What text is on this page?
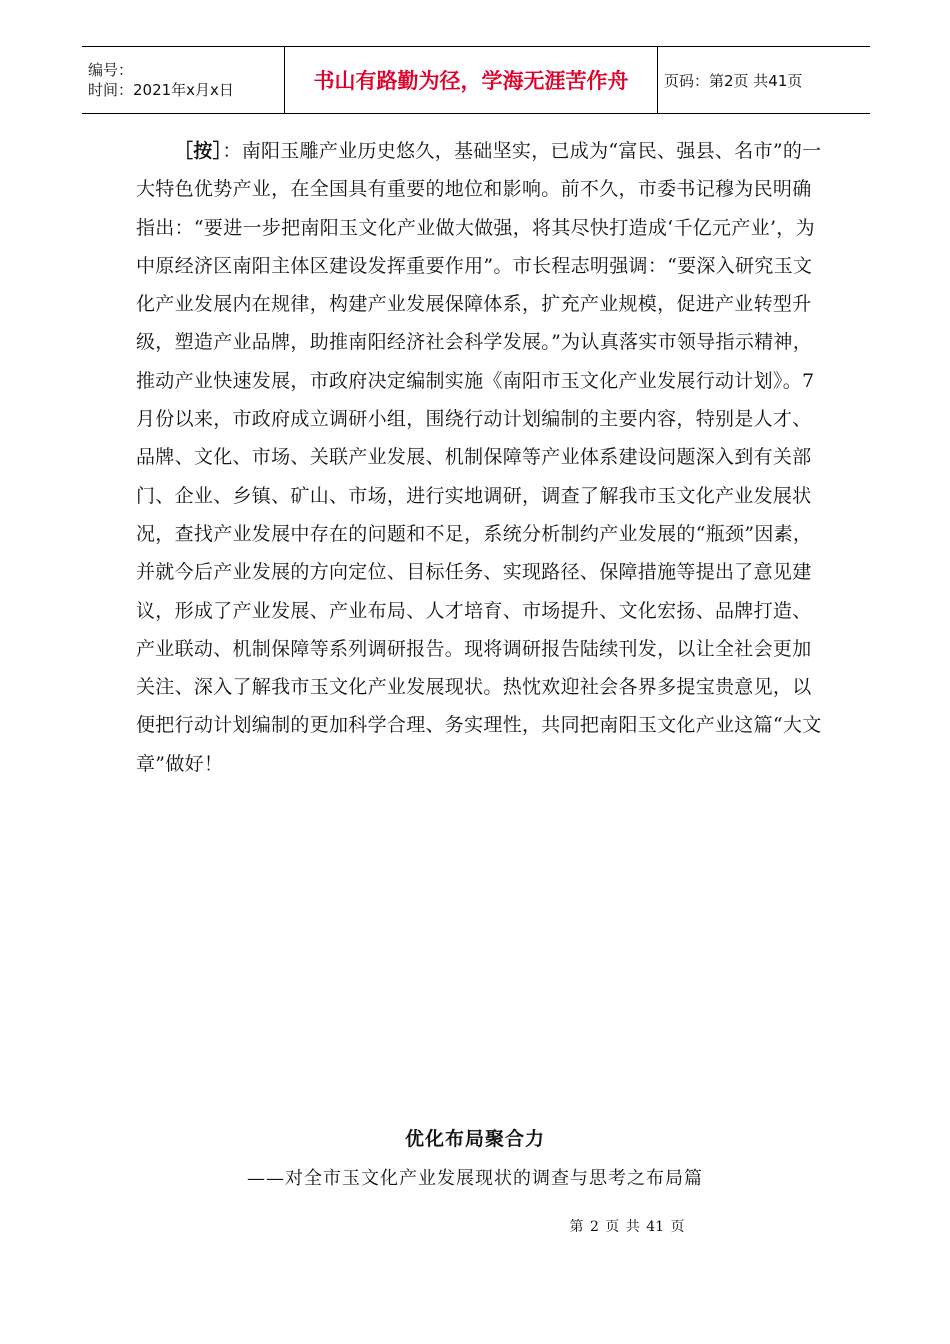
编号：
时间：2021年x月x日	书山有路勤为径，学海无涯苦作舟	页码：第2页 共41页

［按］：南阳玉雕产业历史悠久，基础坚实，已成为“富民、强县、名市”的一大特色优势产业，在全国具有重要的地位和影响。前不久，市委书记穆为民明确指出：“要进一步把南阳玉文化产业做大做强，将其尽快打造成‘千亿元产业’，为中原经济区南阳主体区建设发挥重要作用”。市长程志明强调：“要深入研究玉文化产业发展内在规律，构建产业发展保障体系，扩充产业规模，促进产业转型升级，塑造产业品牌，助推南阳经济社会科学发展。”为认真落实市领导指示精神，推动产业快速发展，市政府决定编制实施《南阳市玉文化产业发展行动计划》。7月份以来，市政府成立调研小组，围绕行动计划编制的主要内容，特别是人才、品牌、文化、市场、关联产业发展、机制保障等产业体系建设问题深入到有关部门、企业、乡镇、矿山、市场，进行实地调研，调查了解我市玉文化产业发展状况，查找产业发展中存在的问题和不足，系统分析制约产业发展的“瓶颈”因素，并就今后产业发展的方向定位、目标任务、实现路径、保障措施等提出了意见建议，形成了产业发展、产业布局、人才培育、市场提升、文化宏扬、品牌打造、产业联动、机制保障等系列调研报告。现将调研报告陆续刊发，以让全社会更加关注、深入了解我市玉文化产业发展现状。热忱欢迎社会各界多提宝贵意见，以便把行动计划编制的更加科学合理、务实理性，共同把南阳玉文化产业这篇“大文章”做好！

优化布局聚合力
——对全市玉文化产业发展现状的调查与思考之布局篇
第 2 页 共 41 页
